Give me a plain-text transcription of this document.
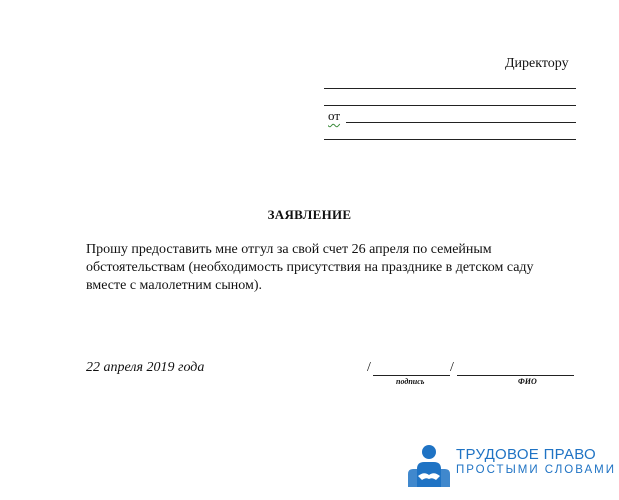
Директору
от
ЗАЯВЛЕНИЕ
Прошу предоставить мне отгул за свой счет 26 апреля по семейным
обстоятельствам (необходимость присутствия на празднике в детском саду
вместе с малолетним сыном).
22 апреля 2019 года	/	/
подпись	ФИО
ТРУДОВОЕ ПРАВО
ПРОСТЫМИ СЛОВАМИ
